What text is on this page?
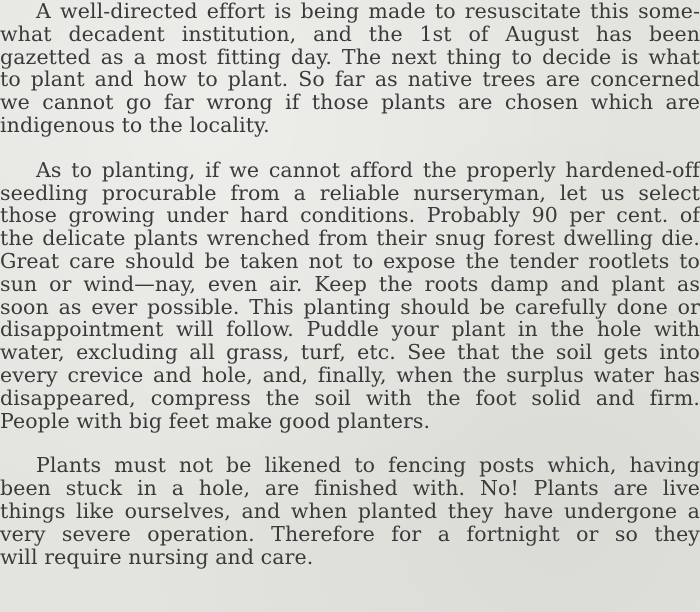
A well-directed effort is being made to resuscitate this some-
what decadent institution, and the 1st of August has been
gazetted as a most fitting day. The next thing to decide is what
to plant and how to plant. So far as native trees are concerned
we cannot go far wrong if those plants are chosen which are
indigenous to the locality.
As to planting, if we cannot afford the properly hardened-off
seedling procurable from a reliable nurseryman, let us select
those growing under hard conditions. Probably 90 per cent. of
the delicate plants wrenched from their snug forest dwelling die.
Great care should be taken not to expose the tender rootlets to
sun or wind—nay, even air. Keep the roots damp and plant as
soon as ever possible. This planting should be carefully done or
disappointment will follow. Puddle your plant in the hole with
water, excluding all grass, turf, etc. See that the soil gets into
every crevice and hole, and, finally, when the surplus water has
disappeared, compress the soil with the foot solid and firm.
People with big feet make good planters.
Plants must not be likened to fencing posts which, having
been stuck in a hole, are finished with. No! Plants are live
things like ourselves, and when planted they have undergone a
very severe operation. Therefore for a fortnight or so they
will require nursing and care.
